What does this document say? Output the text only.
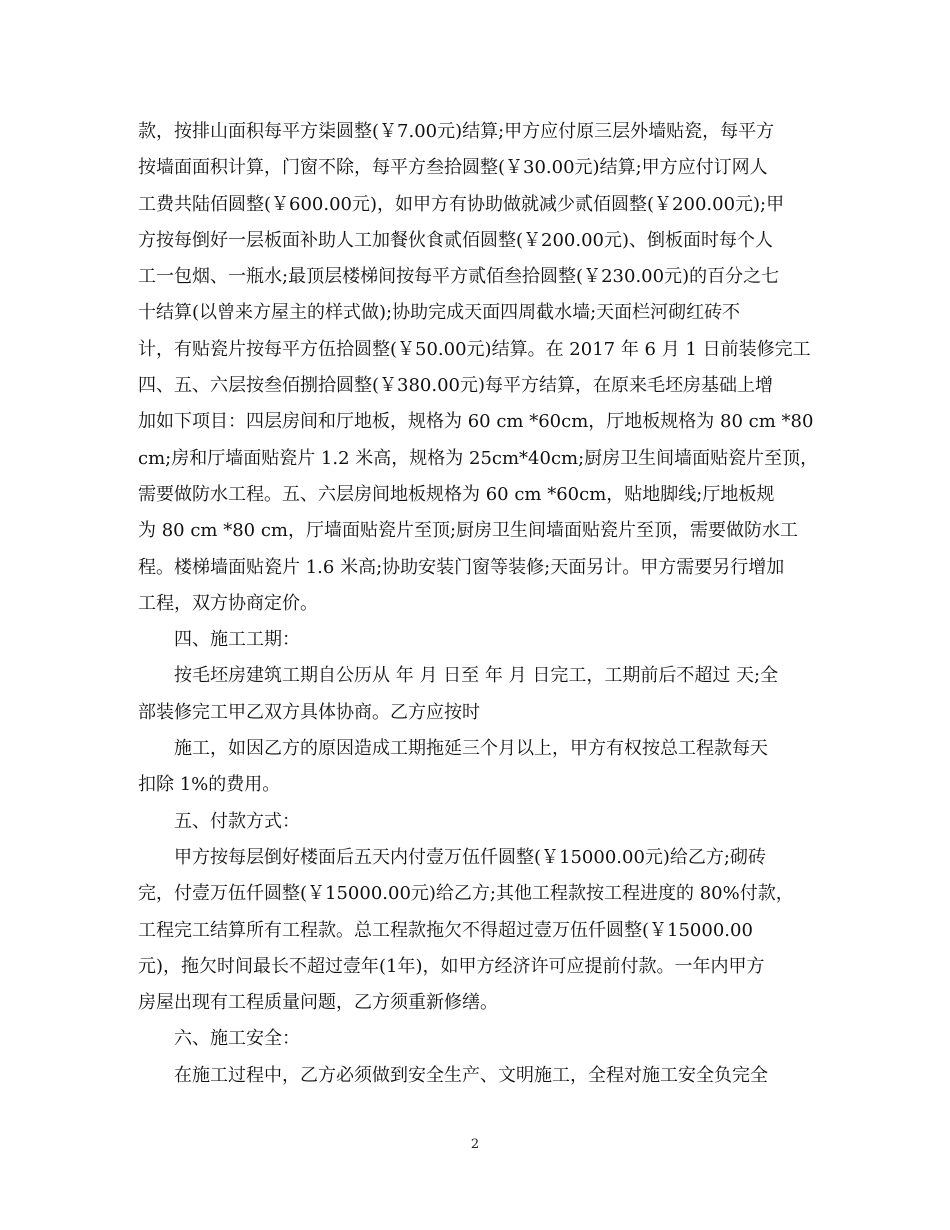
款，按排山面积每平方柒圆整(￥7.00元)结算;甲方应付原三层外墙贴瓷，每平方
按墙面面积计算，门窗不除，每平方叁拾圆整(￥30.00元)结算;甲方应付订网人
工费共陆佰圆整(￥600.00元)，如甲方有协助做就减少贰佰圆整(￥200.00元);甲
方按每倒好一层板面补助人工加餐伙食贰佰圆整(￥200.00元)、倒板面时每个人
工一包烟、一瓶水;最顶层楼梯间按每平方贰佰叁拾圆整(￥230.00元)的百分之七
十结算(以曾来方屋主的样式做);协助完成天面四周截水墙;天面栏河砌红砖不
计，有贴瓷片按每平方伍拾圆整(￥50.00元)结算。在 2017 年 6 月 1 日前装修完工
四、五、六层按叁佰捌拾圆整(￥380.00元)每平方结算，在原来毛坯房基础上增
加如下项目：四层房间和厅地板，规格为 60 cm *60cm，厅地板规格为 80 cm *80
cm;房和厅墙面贴瓷片 1.2 米高，规格为 25cm*40cm;厨房卫生间墙面贴瓷片至顶，
需要做防水工程。五、六层房间地板规格为 60 cm *60cm，贴地脚线;厅地板规
为 80 cm *80 cm，厅墙面贴瓷片至顶;厨房卫生间墙面贴瓷片至顶，需要做防水工
程。楼梯墙面贴瓷片 1.6 米高;协助安装门窗等装修;天面另计。甲方需要另行增加
工程，双方协商定价。
四、施工工期：
按毛坯房建筑工期自公历从 年 月 日至 年 月 日完工，工期前后不超过 天;全
部装修完工甲乙双方具体协商。乙方应按时
施工，如因乙方的原因造成工期拖延三个月以上，甲方有权按总工程款每天
扣除 1%的费用。
五、付款方式：
甲方按每层倒好楼面后五天内付壹万伍仟圆整(￥15000.00元)给乙方;砌砖
完，付壹万伍仟圆整(￥15000.00元)给乙方;其他工程款按工程进度的 80%付款，
工程完工结算所有工程款。总工程款拖欠不得超过壹万伍仟圆整(￥15000.00
元)，拖欠时间最长不超过壹年(1年)，如甲方经济许可应提前付款。一年内甲方
房屋出现有工程质量问题，乙方须重新修缮。
六、施工安全：
在施工过程中，乙方必须做到安全生产、文明施工，全程对施工安全负完全
2
